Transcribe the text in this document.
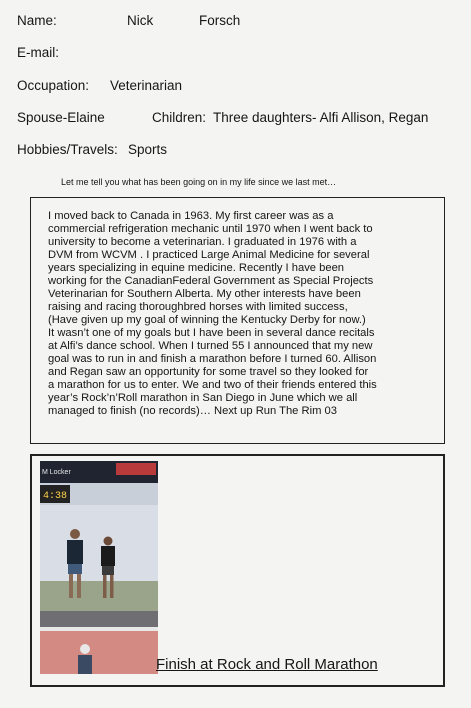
Name:	Nick	Forsch
E-mail:
Occupation: Veterinarian
Spouse-Elaine	Children: Three daughters- Alfi Allison, Regan
Hobbies/Travels: Sports
Let me tell you what has been going on in my life since we last met…
I moved back to Canada in 1963. My first career was as a
commercial refrigeration mechanic until 1970 when I went back to
university to become a veterinarian. I graduated in 1976 with a
DVM from WCVM . I practiced Large Animal Medicine for several
years specializing in equine medicine. Recently I have been
working for the CanadianFederal Government as Special Projects
Veterinarian for Southern Alberta. My other interests have been
raising and racing thoroughbred horses with limited success,
(Have given up my goal of winning the Kentucky Derby for now.)
It wasn’t one of my goals but I have been in several dance recitals
at Alfi’s dance school. When I turned 55 I announced that my new
goal was to run in and finish a marathon before I turned 60. Allison
and Regan saw an opportunity for some travel so they looked for
a marathon for us to enter. We and two of their friends entered this
year’s Rock’n’Roll marathon in San Diego in June which we all
managed to finish (no records)… Next up Run The Rim 03
M Locker
4:38
Finish at Rock and Roll Marathon
